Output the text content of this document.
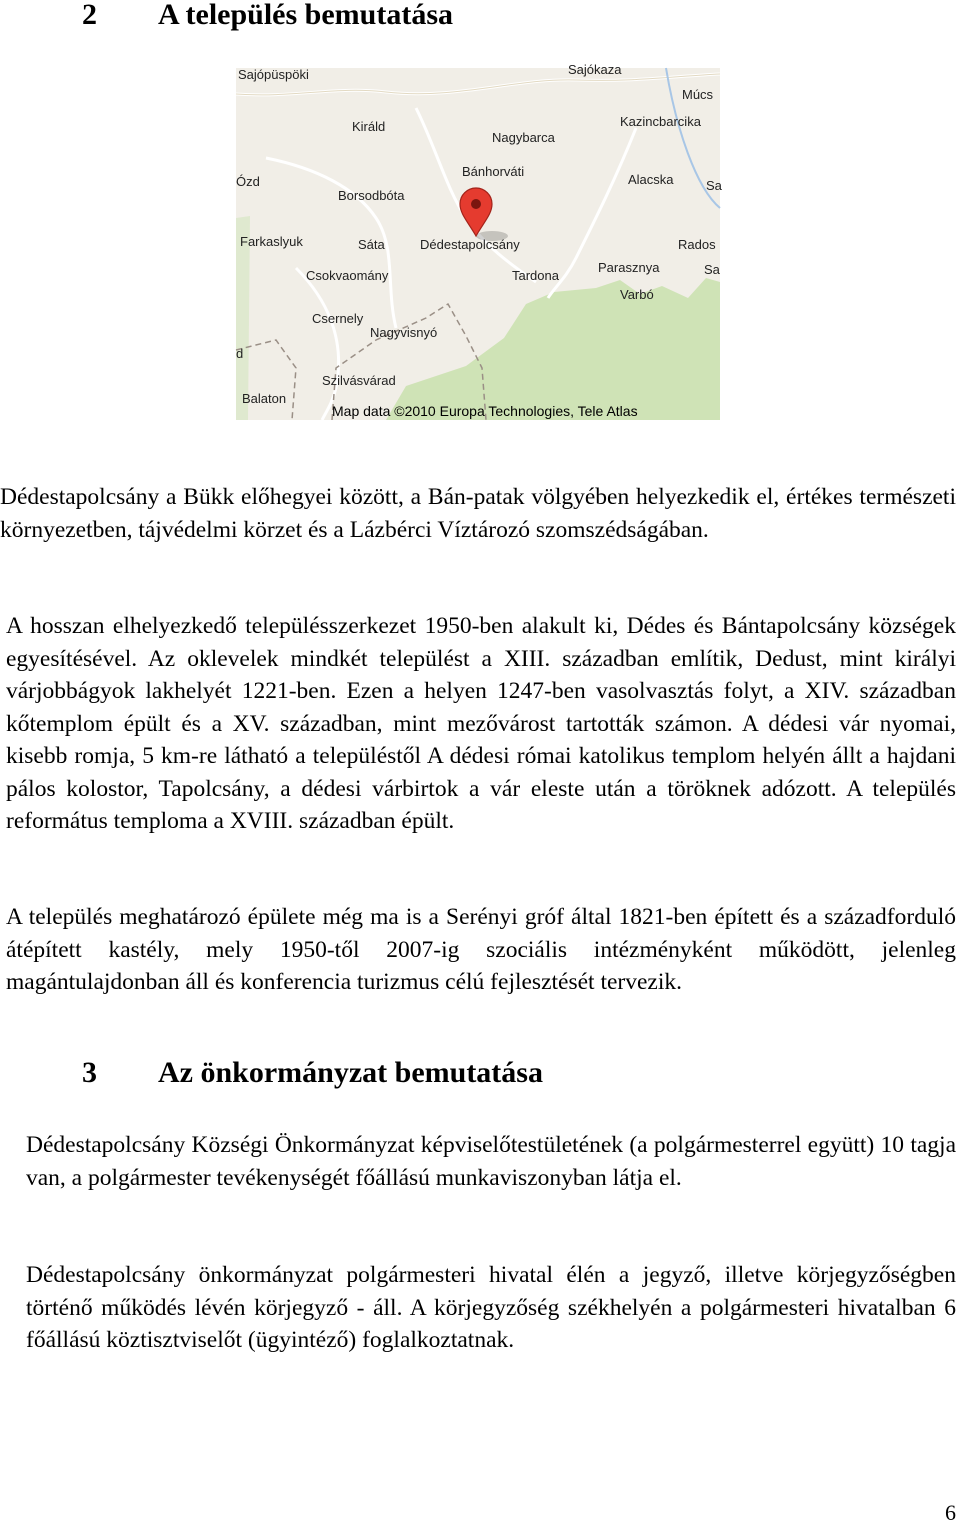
2 A település bemutatása
Sajópüspöki	Sajókaza
Múcs
Királd
Nagybarca
Kazincbarcika
Ózd
Bánhorváti
Alacska Sa
Borsodbóta
Farkaslyuk	Sáta	Dédestapolcsány	Rados
Csokvaomány	Tardona
Parasznya	Sa
Varbó
Csernely
Nagyvisnyó
d
Szilvásvárad
Balaton
Map data ©2010 Europa Technologies, Tele Atlas

Dédestapolcsány a Bükk előhegyei között, a Bán-patak völgyében helyezkedik el, értékes természeti környezetben, tájvédelmi körzet és a Lázbérci Víztározó szomszédságában.

A hosszan elhelyezkedő településszerkezet 1950-ben alakult ki, Dédes és Bántapolcsány községek egyesítésével. Az oklevelek mindkét települést a XIII. században említik, Dedust, mint királyi várjobbágyok lakhelyét 1221-ben. Ezen a helyen 1247-ben vasolvasztás folyt, a XIV. században kőtemplom épült és a XV. században, mint mezővárost tartották számon. A dédesi vár nyomai, kisebb romja, 5 km-re látható a településtől A dédesi római katolikus templom helyén állt a hajdani pálos kolostor, Tapolcsány, a dédesi várbirtok a vár eleste után a töröknek adózott. A település református temploma a XVIII. században épült.

A település meghatározó épülete még ma is a Serényi gróf által 1821-ben épített és a századforduló átépített kastély, mely 1950-től 2007-ig szociális intézményként működött, jelenleg magántulajdonban áll és konferencia turizmus célú fejlesztését tervezik.

3 Az önkormányzat bemutatása

Dédestapolcsány Községi Önkormányzat képviselőtestületének (a polgármesterrel együtt) 10 tagja van, a polgármester tevékenységét főállású munkaviszonyban látja el.

Dédestapolcsány önkormányzat polgármesteri hivatal élén a jegyző, illetve körjegyzőségben történő működés lévén körjegyző - áll. A körjegyzőség székhelyén a polgármesteri hivatalban 6 főállású köztisztviselőt (ügyintéző) foglalkoztatnak.

6
